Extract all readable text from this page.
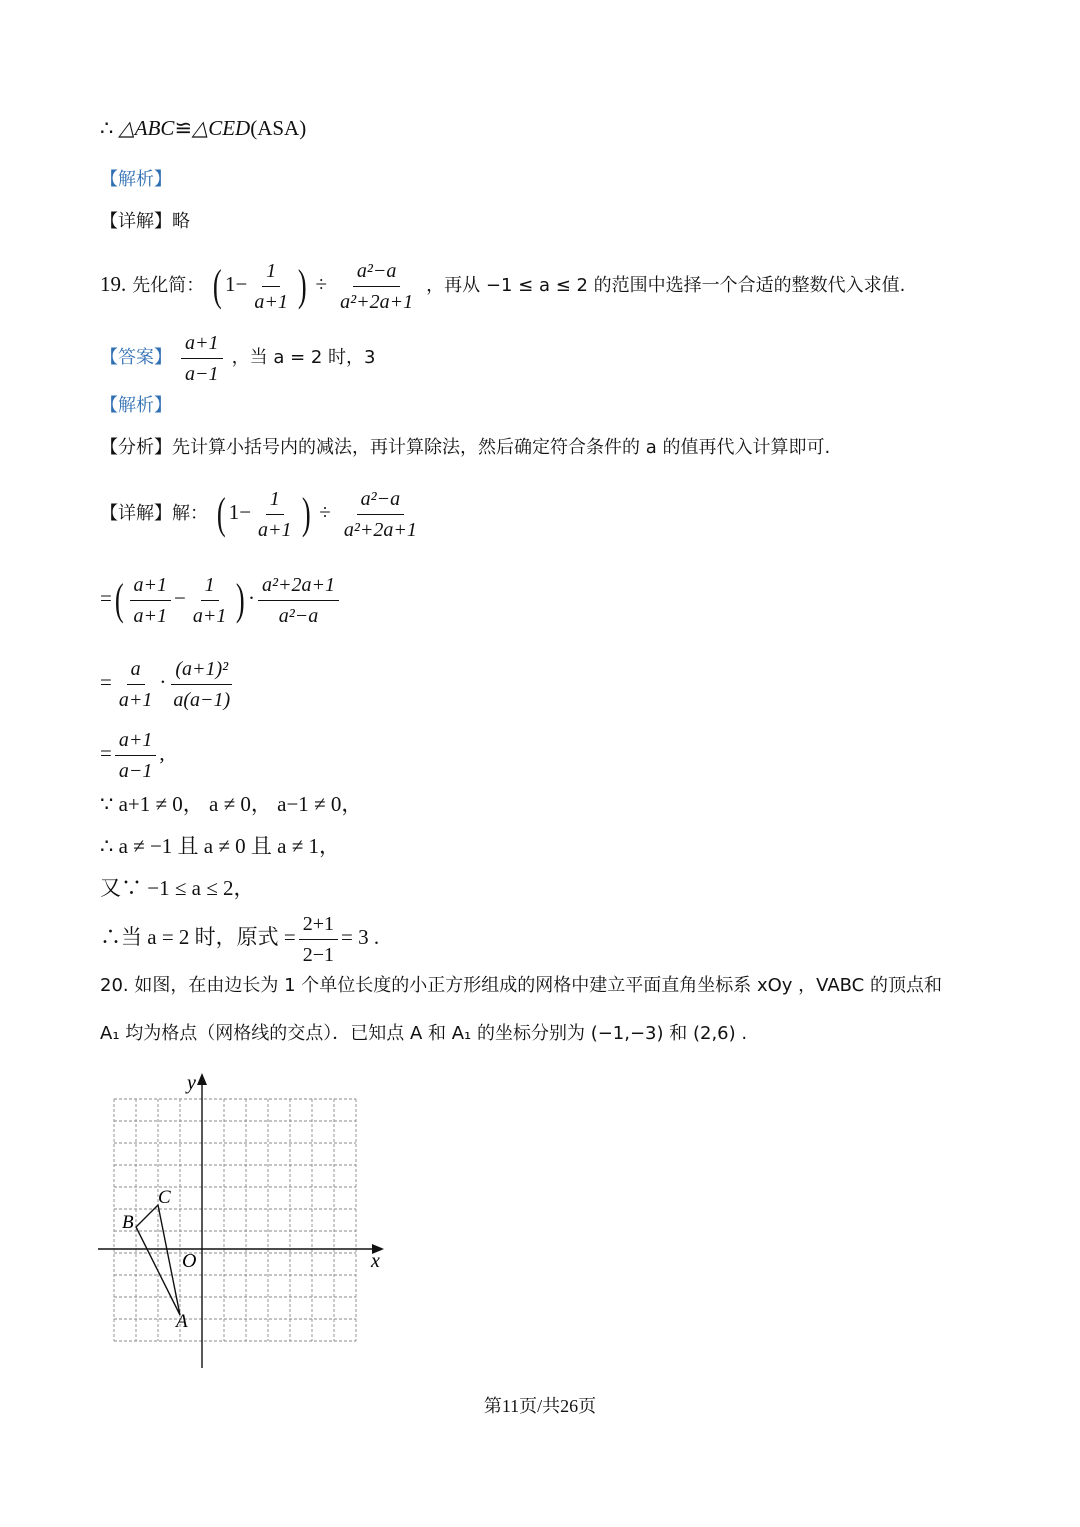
∴ △ABC≌△CED(ASA)
【解析】
【详解】略
19. 先化简： ( $1- \frac{1}{a+1}$ ) ÷ $\frac{\text{a²−a}}{\text{a²+2a+1}}$ ，再从 −1 ≤ a ≤ 2 的范围中选择一个合适的整数代入求值.
【答案】 $\frac{a+1}{a-1}$ ，当 a = 2 时，3
【解析】
【分析】先计算小括号内的减法，再计算除法，然后确定符合条件的 a 的值再代入计算即可.
【详解】解： ( $1- \frac{1}{a+1}$ ) ÷ $\frac{\text{a²−a}}{\text{a²+2a+1}}$
=( $\frac{a+1}{a+1} - \frac{1}{a+1}$ ) · $\frac{\text{a²+2a+1}}{\text{a²−a}}$
= $\frac{a}{a+1} \cdot \frac{\text{(a+1)²}}{a(a-1)}$
= $\frac{a+1}{a-1}$ ,
∵ a+1 ≠ 0， a ≠ 0， a−1 ≠ 0，
∴ a ≠ −1 且 a ≠ 0 且 a ≠ 1，
又∵ −1 ≤ a ≤ 2，
∴当 a = 2 时，原式 = $\frac{2+1}{2-1} = 3$ .
20. 如图，在由边长为 1 个单位长度的小正方形组成的网格中建立平面直角坐标系 xOy ，VABC 的顶点和
A₁ 均为格点（网格线的交点）．已知点 A 和 A₁ 的坐标分别为 (−1,−3) 和 (2,6) .
y
x
O
A
B
C
第11页/共26页
